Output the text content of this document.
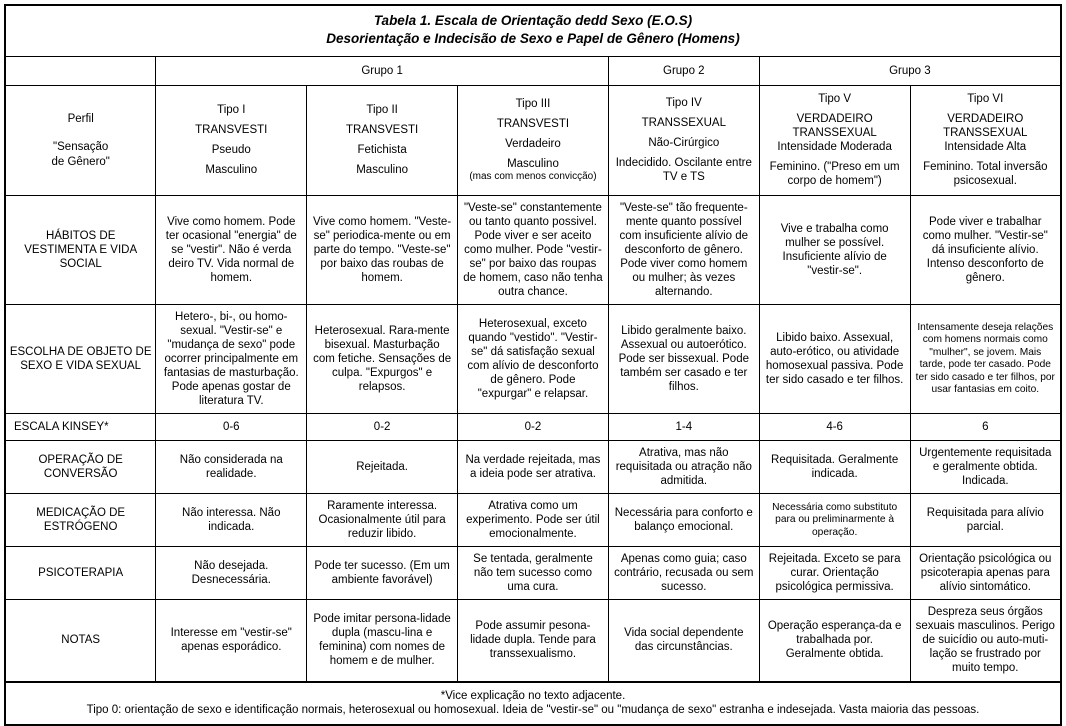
Tabela 1. Escala de Orientação dedd Sexo (E.O.S)
Desorientação e Indecisão de Sexo e Papel de Gênero (Homens)						

	Grupo 1			Grupo 2	Grupo 3	

Perfil
"Sensação
de Gênero"	Tipo I
TRANSVESTI
Pseudo
Masculino	Tipo II
TRANSVESTI
Fetichista
Masculino	Tipo III
TRANSVESTI
Verdadeiro
Masculino
(mas com menos convicção)	Tipo IV
TRANSSEXUAL
Não-Cirúrgico
Indecidido. Oscilante entre TV e TS	Tipo V
VERDADEIRO TRANSSEXUAL
Intensidade Moderada
Feminino. ("Preso em um corpo de homem")	Tipo VI
VERDADEIRO TRANSSEXUAL
Intensidade Alta
Feminino. Total inversão psicosexual.

HÁBITOS DE VESTIMENTA E VIDA SOCIAL	Vive como homem. Pode ter ocasional "energia" de se "vestir". Não é verda deiro TV. Vida normal de homem.	Vive como homem. "Veste-se" periodica-mente ou em parte do tempo. "Veste-se" por baixo das roubas de homem.	"Veste-se" constantemente ou tanto quanto possivel. Pode viver e ser aceito como mulher. Pode "vestir-se" por baixo das roupas de homem, caso não tenha outra chance.	"Veste-se" tão frequente-mente quanto possível com insuficiente alívio de desconforto de gênero. Pode viver como homem ou mulher; às vezes alternando.	Vive e trabalha como mulher se possível. Insuficiente alívio de "vestir-se".	Pode viver e trabalhar como mulher. "Vestir-se" dá insuficiente alívio. Intenso desconforto de gênero.
ESCOLHA DE OBJETO DE SEXO E VIDA SEXUAL	Hetero-, bi-, ou homo-sexual. "Vestir-se" e "mudança de sexo" pode ocorrer principalmente em fantasias de masturbação. Pode apenas gostar de literatura TV.	Heterosexual. Rara-mente bisexual. Masturbação com fetiche. Sensações de culpa. "Expurgos" e relapsos.	Heterosexual, exceto quando "vestido". "Vestir-se" dá satisfação sexual com alívio de desconforto de gênero. Pode "expurgar" e relapsar.	Libido geralmente baixo. Assexual ou autoerótico. Pode ser bissexual. Pode também ser casado e ter filhos.	Libido baixo. Assexual, auto-erótico, ou atividade homosexual passiva. Pode ter sido casado e ter filhos.	Intensamente deseja relações com homens normais como "mulher", se jovem. Mais tarde, pode ter casado. Pode ter sido casado e ter filhos, por usar fantasias em coito.
ESCALA KINSEY*	0-6	0-2	0-2	1-4	4-6	6
OPERAÇÃO DE CONVERSÃO	Não considerada na realidade.	Rejeitada.	Na verdade rejeitada, mas a ideia pode ser atrativa.	Atrativa, mas não requisitada ou atração não admitida.	Requisitada. Geralmente indicada.	Urgentemente requisitada e geralmente obtida. Indicada.
MEDICAÇÃO DE ESTRÓGENO	Não interessa. Não indicada.	Raramente interessa. Ocasionalmente útil para reduzir libido.	Atrativa como um experimento. Pode ser útil emocionalmente.	Necessária para conforto e balanço emocional.	Necessária como substituto para ou preliminarmente à operação.	Requisitada para alívio parcial.
PSICOTERAPIA	Não desejada. Desnecessária.	Pode ter sucesso. (Em um ambiente favorável)	Se tentada, geralmente não tem sucesso como uma cura.	Apenas como guia; caso contrário, recusada ou sem sucesso.	Rejeitada. Exceto se para curar. Orientação psicológica permissiva.	Orientação psicológica ou psicoterapia apenas para alívio sintomático.
NOTAS	Interesse em "vestir-se" apenas esporádico.	Pode imitar persona-lidade dupla (mascu-lina e feminina) com nomes de homem e de mulher.	Pode assumir pesona-lidade dupla. Tende para transsexualismo.	Vida social dependente das circunstâncias.	Operação esperança-da e trabalhada por. Geralmente obtida.	Despreza seus órgãos sexuais masculinos. Perigo de suicídio ou auto-muti-lação se frustrado por muito tempo.

*Vice explicação no texto adjacente.
Tipo 0: orientação de sexo e identificação normais, heterosexual ou homosexual. Ideia de "vestir-se" ou "mudança de sexo" estranha e indesejada. Vasta maioria das pessoas.						
